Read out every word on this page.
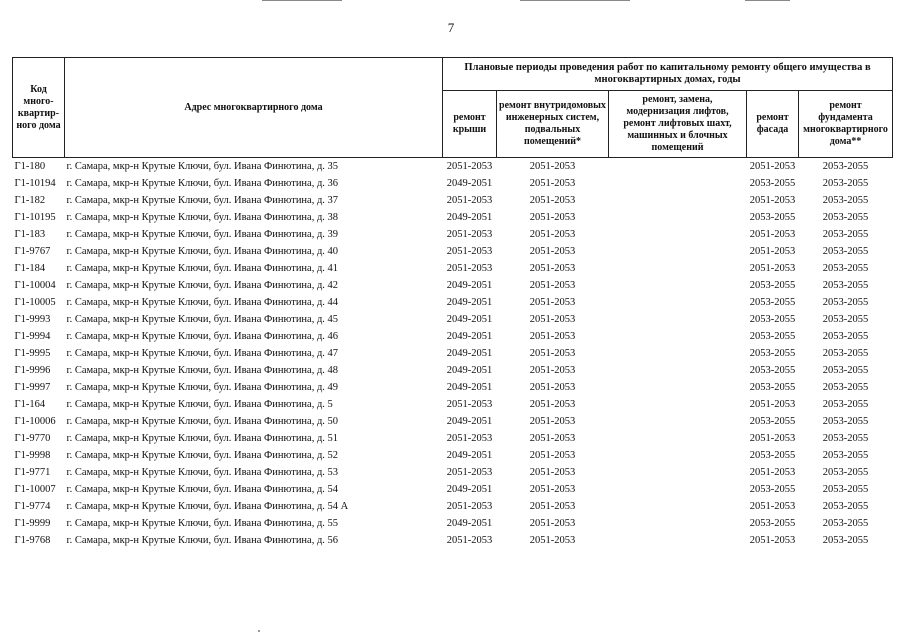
7
Код много-квартир-ного дома	Адрес многоквартирного дома	Плановые периоды проведения работ по капитальному ремонту общего имущества в многоквартирных домах, годы				
		ремонт крыши	ремонт внутридомовых инженерных систем, подвальных помещений*	ремонт, замена, модернизация лифтов, ремонт лифтовых шахт, машинных и блочных помещений	ремонт фасада	ремонт фундамента многоквартирного дома**
Г1-180	г. Самара, мкр-н Крутые Ключи, бул. Ивана Финютина, д. 35	2051-2053	2051-2053		2051-2053	2053-2055
Г1-10194	г. Самара, мкр-н Крутые Ключи, бул. Ивана Финютина, д. 36	2049-2051	2051-2053		2053-2055	2053-2055
Г1-182	г. Самара, мкр-н Крутые Ключи, бул. Ивана Финютина, д. 37	2051-2053	2051-2053		2051-2053	2053-2055
Г1-10195	г. Самара, мкр-н Крутые Ключи, бул. Ивана Финютина, д. 38	2049-2051	2051-2053		2053-2055	2053-2055
Г1-183	г. Самара, мкр-н Крутые Ключи, бул. Ивана Финютина, д. 39	2051-2053	2051-2053		2051-2053	2053-2055
Г1-9767	г. Самара, мкр-н Крутые Ключи, бул. Ивана Финютина, д. 40	2051-2053	2051-2053		2051-2053	2053-2055
Г1-184	г. Самара, мкр-н Крутые Ключи, бул. Ивана Финютина, д. 41	2051-2053	2051-2053		2051-2053	2053-2055
Г1-10004	г. Самара, мкр-н Крутые Ключи, бул. Ивана Финютина, д. 42	2049-2051	2051-2053		2053-2055	2053-2055
Г1-10005	г. Самара, мкр-н Крутые Ключи, бул. Ивана Финютина, д. 44	2049-2051	2051-2053		2053-2055	2053-2055
Г1-9993	г. Самара, мкр-н Крутые Ключи, бул. Ивана Финютина, д. 45	2049-2051	2051-2053		2053-2055	2053-2055
Г1-9994	г. Самара, мкр-н Крутые Ключи, бул. Ивана Финютина, д. 46	2049-2051	2051-2053		2053-2055	2053-2055
Г1-9995	г. Самара, мкр-н Крутые Ключи, бул. Ивана Финютина, д. 47	2049-2051	2051-2053		2053-2055	2053-2055
Г1-9996	г. Самара, мкр-н Крутые Ключи, бул. Ивана Финютина, д. 48	2049-2051	2051-2053		2053-2055	2053-2055
Г1-9997	г. Самара, мкр-н Крутые Ключи, бул. Ивана Финютина, д. 49	2049-2051	2051-2053		2053-2055	2053-2055
Г1-164	г. Самара, мкр-н Крутые Ключи, бул. Ивана Финютина, д. 5	2051-2053	2051-2053		2051-2053	2053-2055
Г1-10006	г. Самара, мкр-н Крутые Ключи, бул. Ивана Финютина, д. 50	2049-2051	2051-2053		2053-2055	2053-2055
Г1-9770	г. Самара, мкр-н Крутые Ключи, бул. Ивана Финютина, д. 51	2051-2053	2051-2053		2051-2053	2053-2055
Г1-9998	г. Самара, мкр-н Крутые Ключи, бул. Ивана Финютина, д. 52	2049-2051	2051-2053		2053-2055	2053-2055
Г1-9771	г. Самара, мкр-н Крутые Ключи, бул. Ивана Финютина, д. 53	2051-2053	2051-2053		2051-2053	2053-2055
Г1-10007	г. Самара, мкр-н Крутые Ключи, бул. Ивана Финютина, д. 54	2049-2051	2051-2053		2053-2055	2053-2055
Г1-9774	г. Самара, мкр-н Крутые Ключи, бул. Ивана Финютина, д. 54 А	2051-2053	2051-2053		2051-2053	2053-2055
Г1-9999	г. Самара, мкр-н Крутые Ключи, бул. Ивана Финютина, д. 55	2049-2051	2051-2053		2053-2055	2053-2055
Г1-9768	г. Самара, мкр-н Крутые Ключи, бул. Ивана Финютина, д. 56	2051-2053	2051-2053		2051-2053	2053-2055
